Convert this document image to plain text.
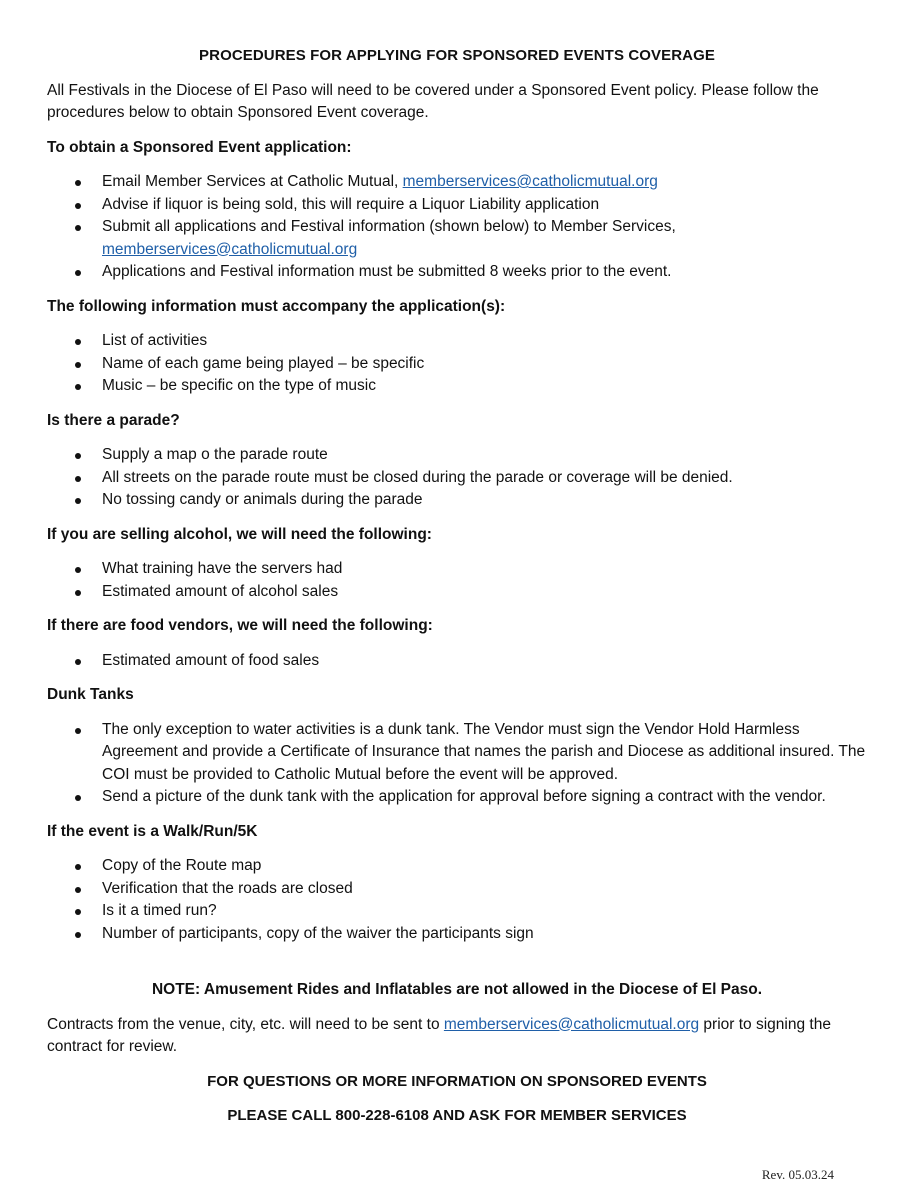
PROCEDURES FOR APPLYING FOR SPONSORED EVENTS COVERAGE
All Festivals in the Diocese of El Paso will need to be covered under a Sponsored Event policy. Please follow the procedures below to obtain Sponsored Event coverage.
To obtain a Sponsored Event application:
Email Member Services at Catholic Mutual, memberservices@catholicmutual.org
Advise if liquor is being sold, this will require a Liquor Liability application
Submit all applications and Festival information (shown below) to Member Services, memberservices@catholicmutual.org
Applications and Festival information must be submitted 8 weeks prior to the event.
The following information must accompany the application(s):
List of activities
Name of each game being played – be specific
Music – be specific on the type of music
Is there a parade?
Supply a map o the parade route
All streets on the parade route must be closed during the parade or coverage will be denied.
No tossing candy or animals during the parade
If you are selling alcohol, we will need the following:
What training have the servers had
Estimated amount of alcohol sales
If there are food vendors, we will need the following:
Estimated amount of food sales
Dunk Tanks
The only exception to water activities is a dunk tank. The Vendor must sign the Vendor Hold Harmless Agreement and provide a Certificate of Insurance that names the parish and Diocese as additional insured. The COI must be provided to Catholic Mutual before the event will be approved.
Send a picture of the dunk tank with the application for approval before signing a contract with the vendor.
If the event is a Walk/Run/5K
Copy of the Route map
Verification that the roads are closed
Is it a timed run?
Number of participants, copy of the waiver the participants sign
NOTE: Amusement Rides and Inflatables are not allowed in the Diocese of El Paso.
Contracts from the venue, city, etc. will need to be sent to memberservices@catholicmutual.org prior to signing the contract for review.
FOR QUESTIONS OR MORE INFORMATION ON SPONSORED EVENTS
PLEASE CALL 800-228-6108 AND ASK FOR MEMBER SERVICES
Rev. 05.03.24
